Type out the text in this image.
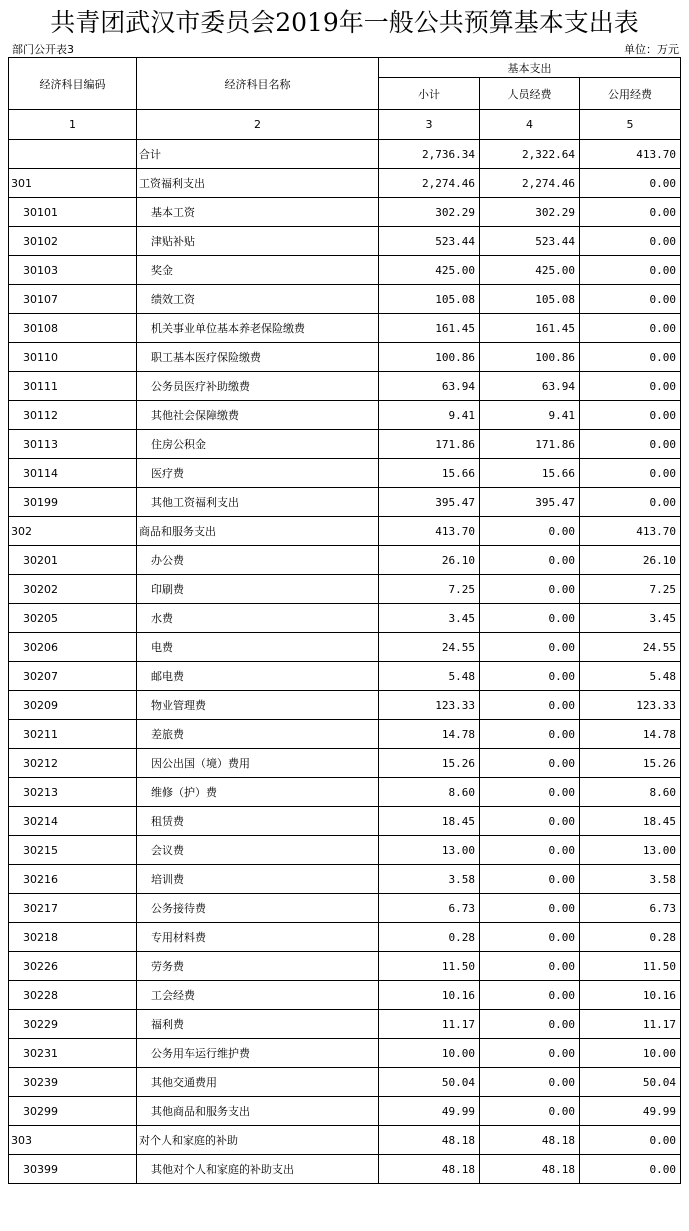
共青团武汉市委员会2019年一般公共预算基本支出表
部门公开表3	单位：万元
经济科目编码	经济科目名称	基本支出		
		小计	人员经费	公用经费
1	2	3	4	5
	合计	2,736.34	2,322.64	413.70
301	工资福利支出	2,274.46	2,274.46	0.00
30101	基本工资	302.29	302.29	0.00
30102	津贴补贴	523.44	523.44	0.00
30103	奖金	425.00	425.00	0.00
30107	绩效工资	105.08	105.08	0.00
30108	机关事业单位基本养老保险缴费	161.45	161.45	0.00
30110	职工基本医疗保险缴费	100.86	100.86	0.00
30111	公务员医疗补助缴费	63.94	63.94	0.00
30112	其他社会保障缴费	9.41	9.41	0.00
30113	住房公积金	171.86	171.86	0.00
30114	医疗费	15.66	15.66	0.00
30199	其他工资福利支出	395.47	395.47	0.00
302	商品和服务支出	413.70	0.00	413.70
30201	办公费	26.10	0.00	26.10
30202	印刷费	7.25	0.00	7.25
30205	水费	3.45	0.00	3.45
30206	电费	24.55	0.00	24.55
30207	邮电费	5.48	0.00	5.48
30209	物业管理费	123.33	0.00	123.33
30211	差旅费	14.78	0.00	14.78
30212	因公出国（境）费用	15.26	0.00	15.26
30213	维修（护）费	8.60	0.00	8.60
30214	租赁费	18.45	0.00	18.45
30215	会议费	13.00	0.00	13.00
30216	培训费	3.58	0.00	3.58
30217	公务接待费	6.73	0.00	6.73
30218	专用材料费	0.28	0.00	0.28
30226	劳务费	11.50	0.00	11.50
30228	工会经费	10.16	0.00	10.16
30229	福利费	11.17	0.00	11.17
30231	公务用车运行维护费	10.00	0.00	10.00
30239	其他交通费用	50.04	0.00	50.04
30299	其他商品和服务支出	49.99	0.00	49.99
303	对个人和家庭的补助	48.18	48.18	0.00
30399	其他对个人和家庭的补助支出	48.18	48.18	0.00
